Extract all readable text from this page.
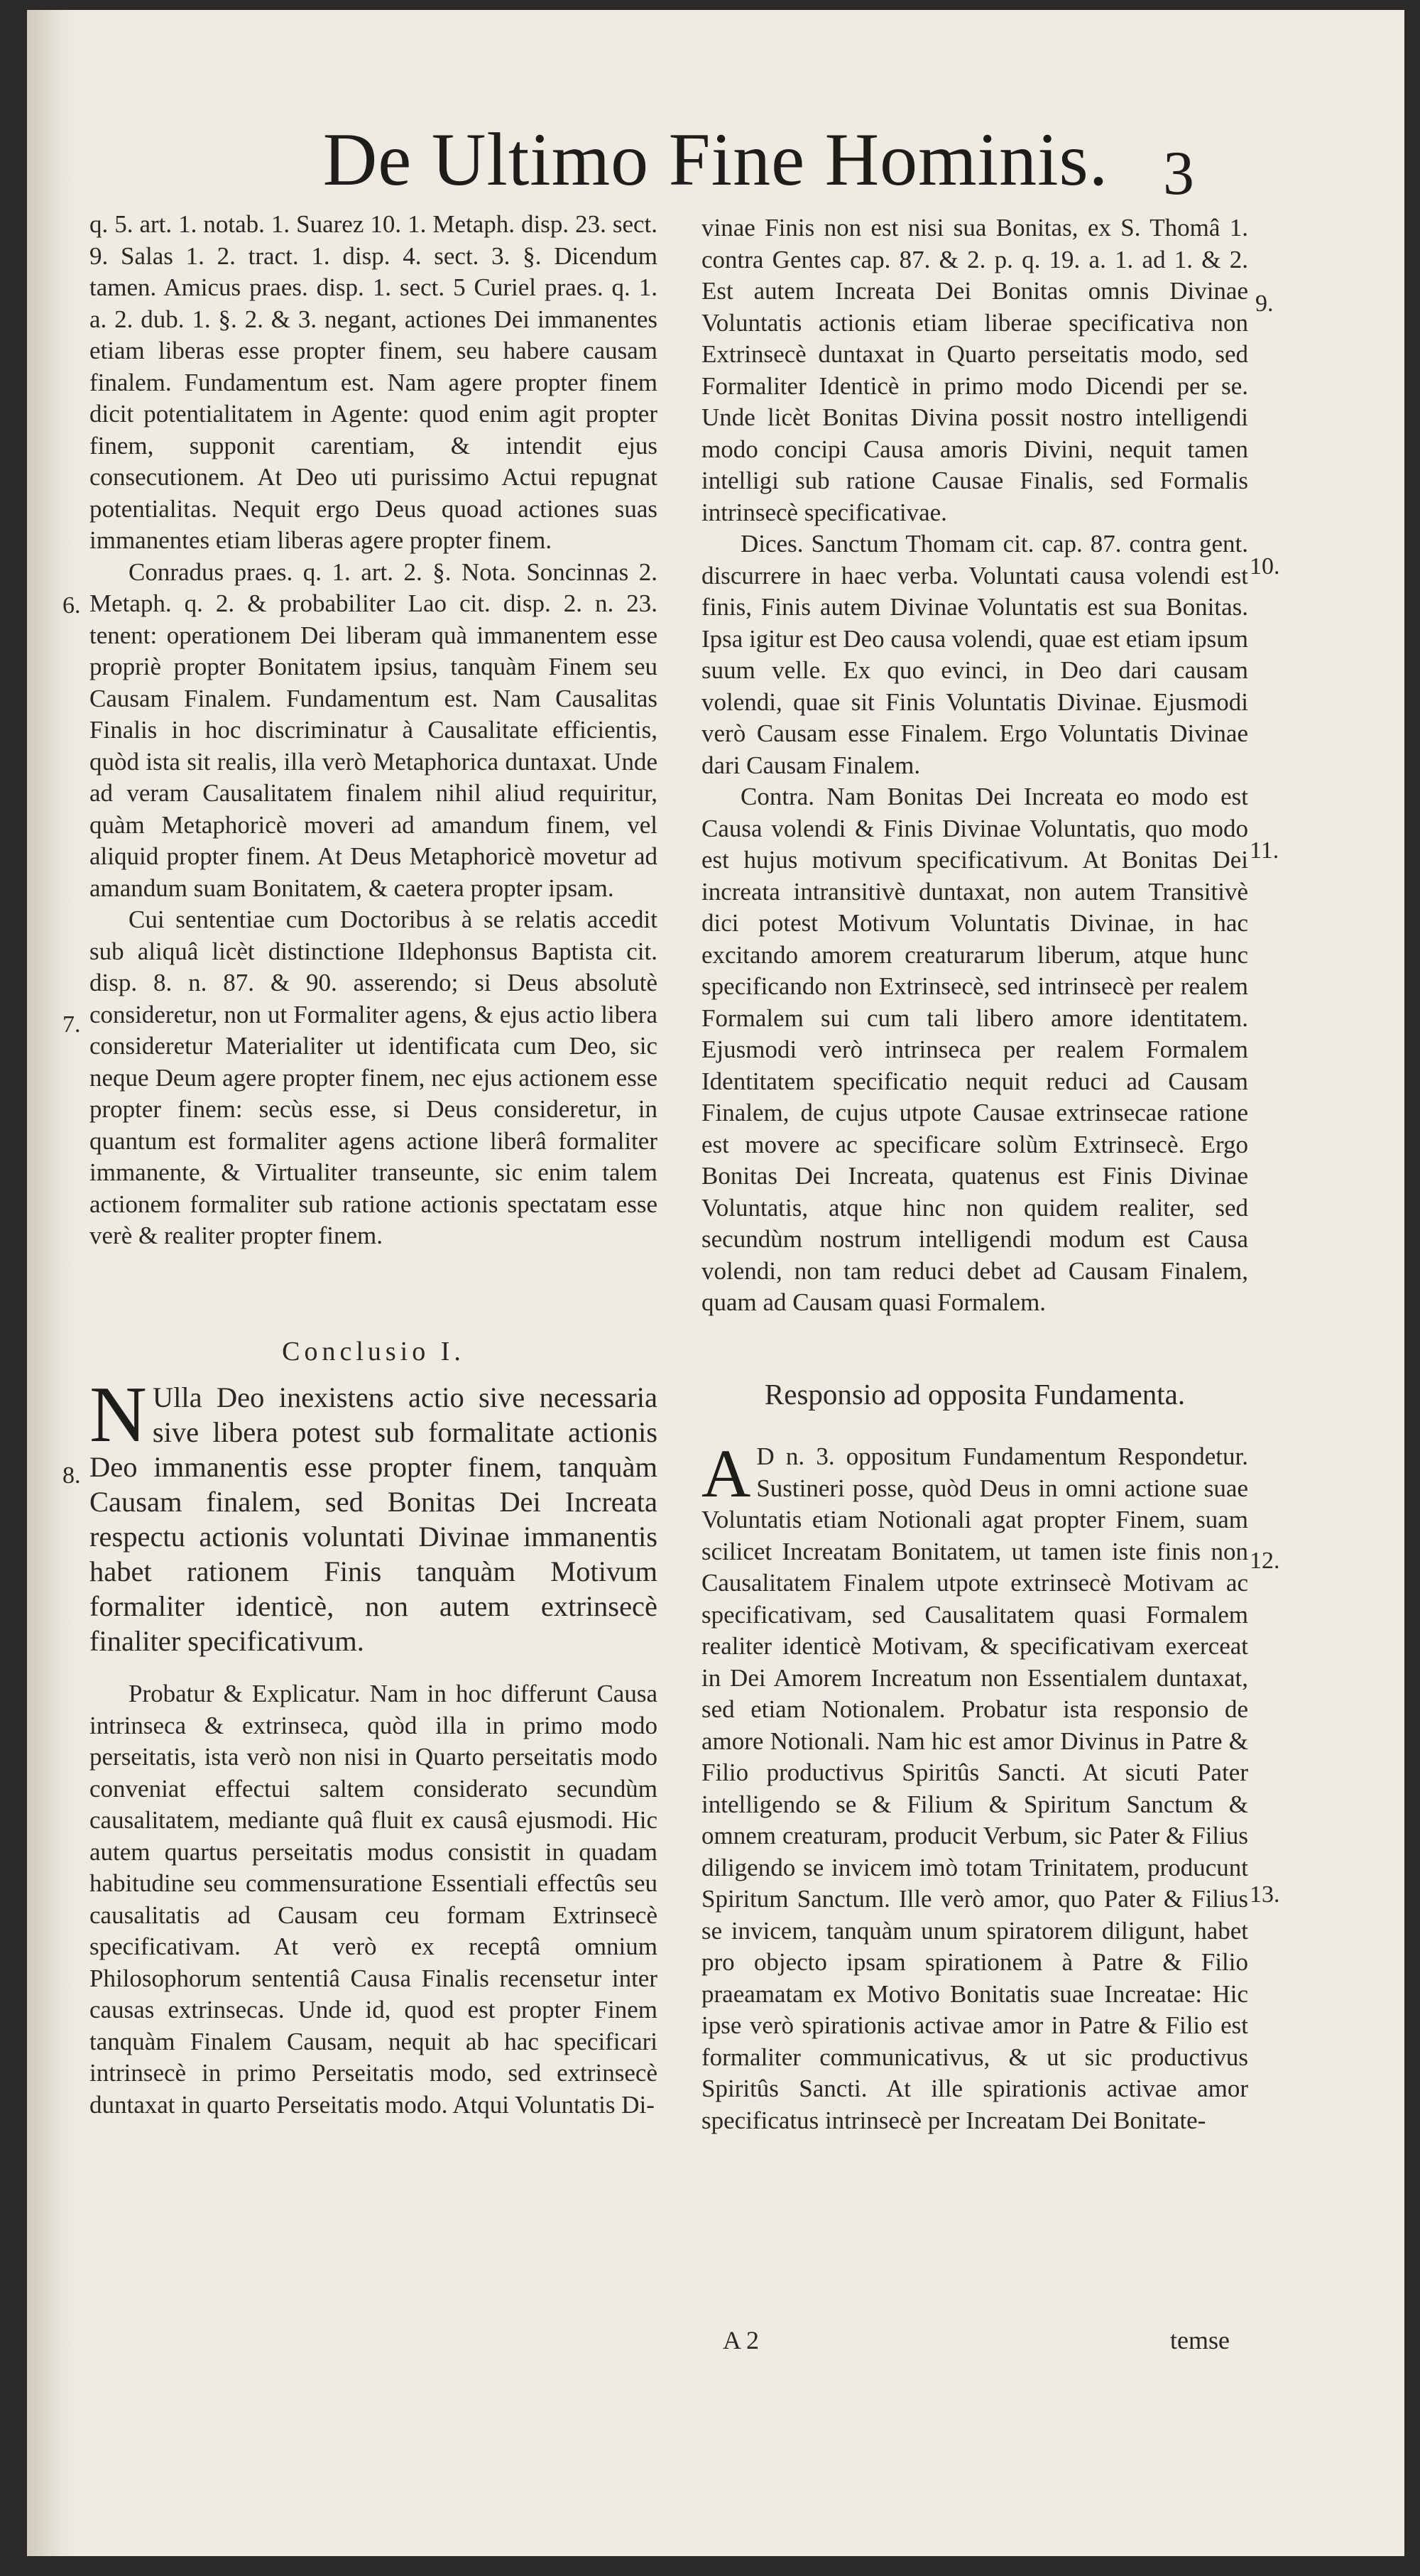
De Ultimo Fine Hominis. 3

q. 5. art. 1. notab. 1. Suarez 10. 1. Metaph. disp. 23. sect. 9. Salas 1. 2. tract. 1. disp. 4. sect. 3. §. Dicendum tamen. Amicus praes. disp. 1. sect. 5 Curiel praes. q. 1. a. 2. dub. 1. §. 2. & 3. negant, actiones Dei immanentes etiam liberas esse propter finem, seu habere causam finalem. Fundamentum est. Nam agere propter finem dicit potentialitatem in Agente: quod enim agit propter finem, supponit carentiam, & intendit ejus consecutionem. At Deo uti purissimo Actui repugnat potentialitas. Nequit ergo Deus quoad actiones suas immanentes etiam liberas agere propter finem.

Conradus praes. q. 1. art. 2. §. Nota. Soncinnas 2. Metaph. q. 2. & probabiliter Lao cit. disp. 2. n. 23. tenent: operationem Dei liberam quà immanentem esse propriè propter Bonitatem ipsius, tanquàm Finem seu Causam Finalem. Fundamentum est. Nam Causalitas Finalis in hoc discriminatur à Causalitate efficientis, quòd ista sit realis, illa verò Metaphorica duntaxat. Unde ad veram Causalitatem finalem nihil aliud requiritur, quàm Metaphoricè moveri ad amandum finem, vel aliquid propter finem. At Deus Metaphoricè movetur ad amandum suam Bonitatem, & caetera propter ipsam.

Cui sententiae cum Doctoribus à se relatis accedit sub aliquâ licèt distinctione Ildephonsus Baptista cit. disp. 8. n. 87. & 90. asserendo; si Deus absolutè consideretur, non ut Formaliter agens, & ejus actio libera consideretur Materialiter ut identificata cum Deo, sic neque Deum agere propter finem, nec ejus actionem esse propter finem: secùs esse, si Deus consideretur, in quantum est formaliter agens actione liberâ formaliter immanente, & Virtualiter transeunte, sic enim talem actionem formaliter sub ratione actionis spectatam esse verè & realiter propter finem.

Conclusio I.

N Ulla Deo inexistens actio sive necessaria sive libera potest sub formalitate actionis Deo immanentis esse propter finem, tanquàm Causam finalem, sed Bonitas Dei Increata respectu actionis voluntati Divinae immanentis habet rationem Finis tanquàm Motivum formaliter identicè, non autem extrinsecè finaliter specificativum.

Probatur & Explicatur. Nam in hoc differunt Causa intrinseca & extrinseca, quòd illa in primo modo perseitatis, ista verò non nisi in Quarto perseitatis modo conveniat effectui saltem considerato secundùm causalitatem, mediante quâ fluit ex causâ ejusmodi. Hic autem quartus perseitatis modus consistit in quadam habitudine seu commensuratione Essentiali effectûs seu causalitatis ad Causam ceu formam Extrinsecè specificativam. At verò ex receptâ omnium Philosophorum sententiâ Causa Finalis recensetur inter causas extrinsecas. Unde id, quod est propter Finem tanquàm Finalem Causam, nequit ab hac specificari intrinsecè in primo Perseitatis modo, sed extrinsecè duntaxat in quarto Perseitatis modo. Atqui Voluntatis Di-

vinae Finis non est nisi sua Bonitas, ex S. Thomâ 1. contra Gentes cap. 87. & 2. p. q. 19. a. 1. ad 1. & 2. Est autem Increata Dei Bonitas omnis Divinae Voluntatis actionis etiam liberae specificativa non Extrinsecè duntaxat in Quarto perseitatis modo, sed Formaliter Identicè in primo modo Dicendi per se. Unde licèt Bonitas Divina possit nostro intelligendi modo concipi Causa amoris Divini, nequit tamen intelligi sub ratione Causae Finalis, sed Formalis intrinsecè specificativae.

Dices. Sanctum Thomam cit. cap. 87. contra gent. discurrere in haec verba. Voluntati causa volendi est finis, Finis autem Divinae Voluntatis est sua Bonitas. Ipsa igitur est Deo causa volendi, quae est etiam ipsum suum velle. Ex quo evinci, in Deo dari causam volendi, quae sit Finis Voluntatis Divinae. Ejusmodi verò Causam esse Finalem. Ergo Voluntatis Divinae dari Causam Finalem.

Contra. Nam Bonitas Dei Increata eo modo est Causa volendi & Finis Divinae Voluntatis, quo modo est hujus motivum specificativum. At Bonitas Dei increata intransitivè duntaxat, non autem Transitivè dici potest Motivum Voluntatis Divinae, in hac excitando amorem creaturarum liberum, atque hunc specificando non Extrinsecè, sed intrinsecè per realem Formalem sui cum tali libero amore identitatem. Ejusmodi verò intrinseca per realem Formalem Identitatem specificatio nequit reduci ad Causam Finalem, de cujus utpote Causae extrinsecae ratione est movere ac specificare solùm Extrinsecè. Ergo Bonitas Dei Increata, quatenus est Finis Divinae Voluntatis, atque hinc non quidem realiter, sed secundùm nostrum intelligendi modum est Causa volendi, non tam reduci debet ad Causam Finalem, quam ad Causam quasi Formalem.

Responsio ad opposita Fundamenta.

A D n. 3. oppositum Fundamentum Respondetur. Sustineri posse, quòd Deus in omni actione suae Voluntatis etiam Notionali agat propter Finem, suam scilicet Increatam Bonitatem, ut tamen iste finis non Causalitatem Finalem utpote extrinsecè Motivam ac specificativam, sed Causalitatem quasi Formalem realiter identicè Motivam, & specificativam exerceat in Dei Amorem Increatum non Essentialem duntaxat, sed etiam Notionalem. Probatur ista responsio de amore Notionali. Nam hic est amor Divinus in Patre & Filio productivus Spiritûs Sancti. At sicuti Pater intelligendo se & Filium & Spiritum Sanctum & omnem creaturam, producit Verbum, sic Pater & Filius diligendo se invicem imò totam Trinitatem, producunt Spiritum Sanctum. Ille verò amor, quo Pater & Filius se invicem, tanquàm unum spiratorem diligunt, habet pro objecto ipsam spirationem à Patre & Filio praeamatam ex Motivo Bonitatis suae Increatae: Hic ipse verò spirationis activae amor in Patre & Filio est formaliter communicativus, & ut sic productivus Spiritûs Sancti. At ille spirationis activae amor specificatus intrinsecè per Increatam Dei Bonitate-

6.
7.
8.
9.
10.
11.
12.
13.
A 2	temse
